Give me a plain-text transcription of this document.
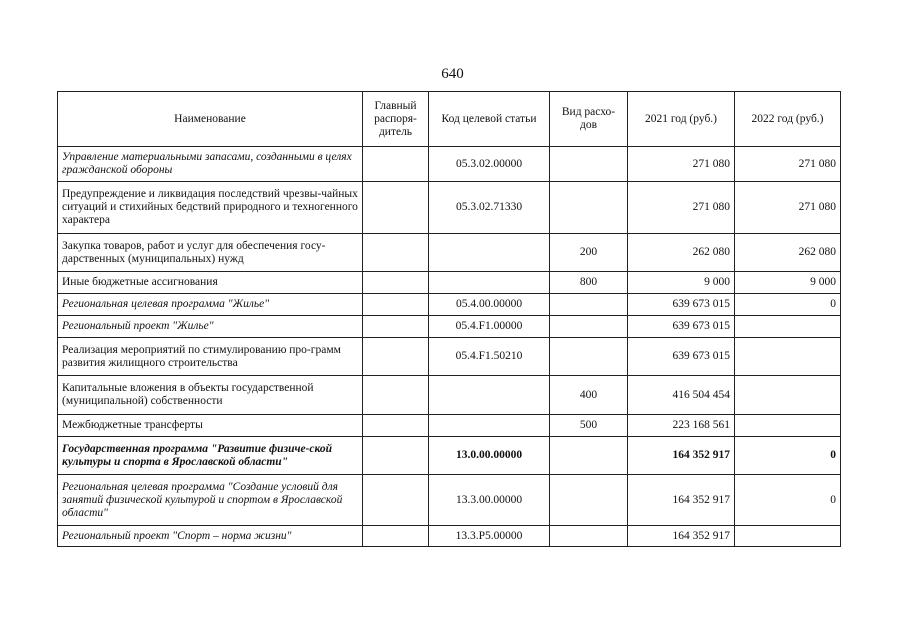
640
Наименование	Главный распоря-дитель	Код целевой статьи	Вид расхо-дов	2021 год (руб.)	2022 год (руб.)
Управление материальными запасами, созданными в целях гражданской обороны		05.3.02.00000		271 080	271 080
Предупреждение и ликвидация последствий чрезвы-чайных ситуаций и стихийных бедствий природного и техногенного характера		05.3.02.71330		271 080	271 080
Закупка товаров, работ и услуг для обеспечения госу-дарственных (муниципальных) нужд			200	262 080	262 080
Иные бюджетные ассигнования			800	9 000	9 000
Региональная целевая программа "Жилье"		05.4.00.00000		639 673 015	0
Региональный проект "Жилье"		05.4.F1.00000		639 673 015	
Реализация мероприятий по стимулированию про-грамм развития жилищного строительства		05.4.F1.50210		639 673 015	
Капитальные вложения в объекты государственной (муниципальной) собственности			400	416 504 454	
Межбюджетные трансферты			500	223 168 561	
Государственная программа "Развитие физиче-ской культуры и спорта в Ярославской области"		13.0.00.00000		164 352 917	0
Региональная целевая программа "Создание условий для занятий физической культурой и спортом в Ярославской области"		13.3.00.00000		164 352 917	0
Региональный проект "Спорт – норма жизни"		13.3.P5.00000		164 352 917	
